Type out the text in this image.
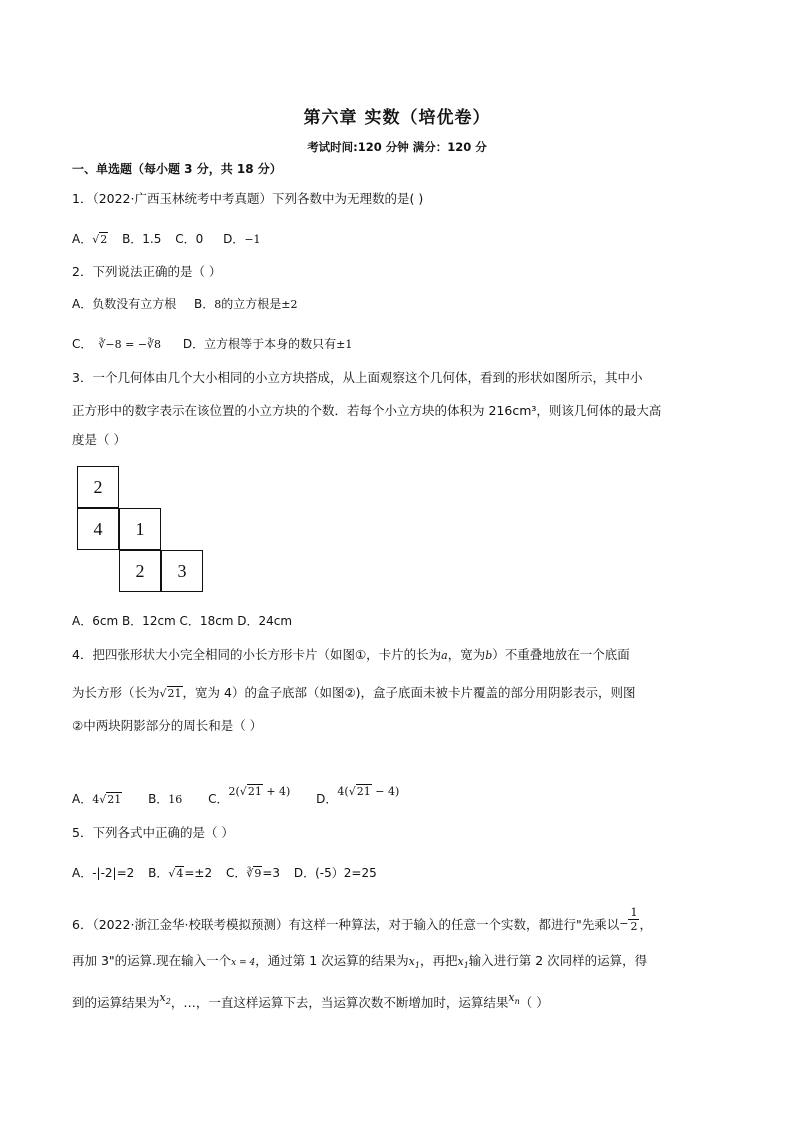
第六章 实数（培优卷）
考试时间:120 分钟 满分：120 分
一、单选题（每小题 3 分，共 18 分）
1．（2022·广西玉林统考中考真题）下列各数中为无理数的是( )
A．√2 B．1.5 C．0 D．−1
2．下列说法正确的是（ ）
A．负数没有立方根 B．8的立方根是±2
C． ∛−8 = −∛8 D．立方根等于本身的数只有±1
3．一个几何体由几个大小相同的小立方块搭成，从上面观察这个几何体，看到的形状如图所示，其中小
正方形中的数字表示在该位置的小立方块的个数．若每个小立方块的体积为 216cm³，则该几何体的最大高
度是（ ）
2
4	1
2	3
A．6cm B．12cm C．18cm D．24cm
4．把四张形状大小完全相同的小长方形卡片（如图①，卡片的长为a，宽为b）不重叠地放在一个底面
为长方形（长为√21，宽为 4）的盒子底部（如图②)，盒子底面未被卡片覆盖的部分用阴影表示，则图
②中两块阴影部分的周长和是（ ）
A．4√21 B．16 C．2(√21 + 4) D．4(√21 − 4)
5．下列各式中正确的是（ ）
A．-|-2|=2 B．√4=±2 C．∛9=3 D．(-5）2=25
6．（2022·浙江金华·校联考模拟预测）有这样一种算法，对于输入的任意一个实数，都进行"先乘以− $\frac{1}{2}$ ，
再加 3"的运算.现在输入一个x = 4，通过第 1 次运算的结果为$x_1$，再把$x_1$输入进行第 2 次同样的运算，得
到的运算结果为$x_2$，…，一直这样运算下去，当运算次数不断增加时，运算结果$x_n$（ ）
